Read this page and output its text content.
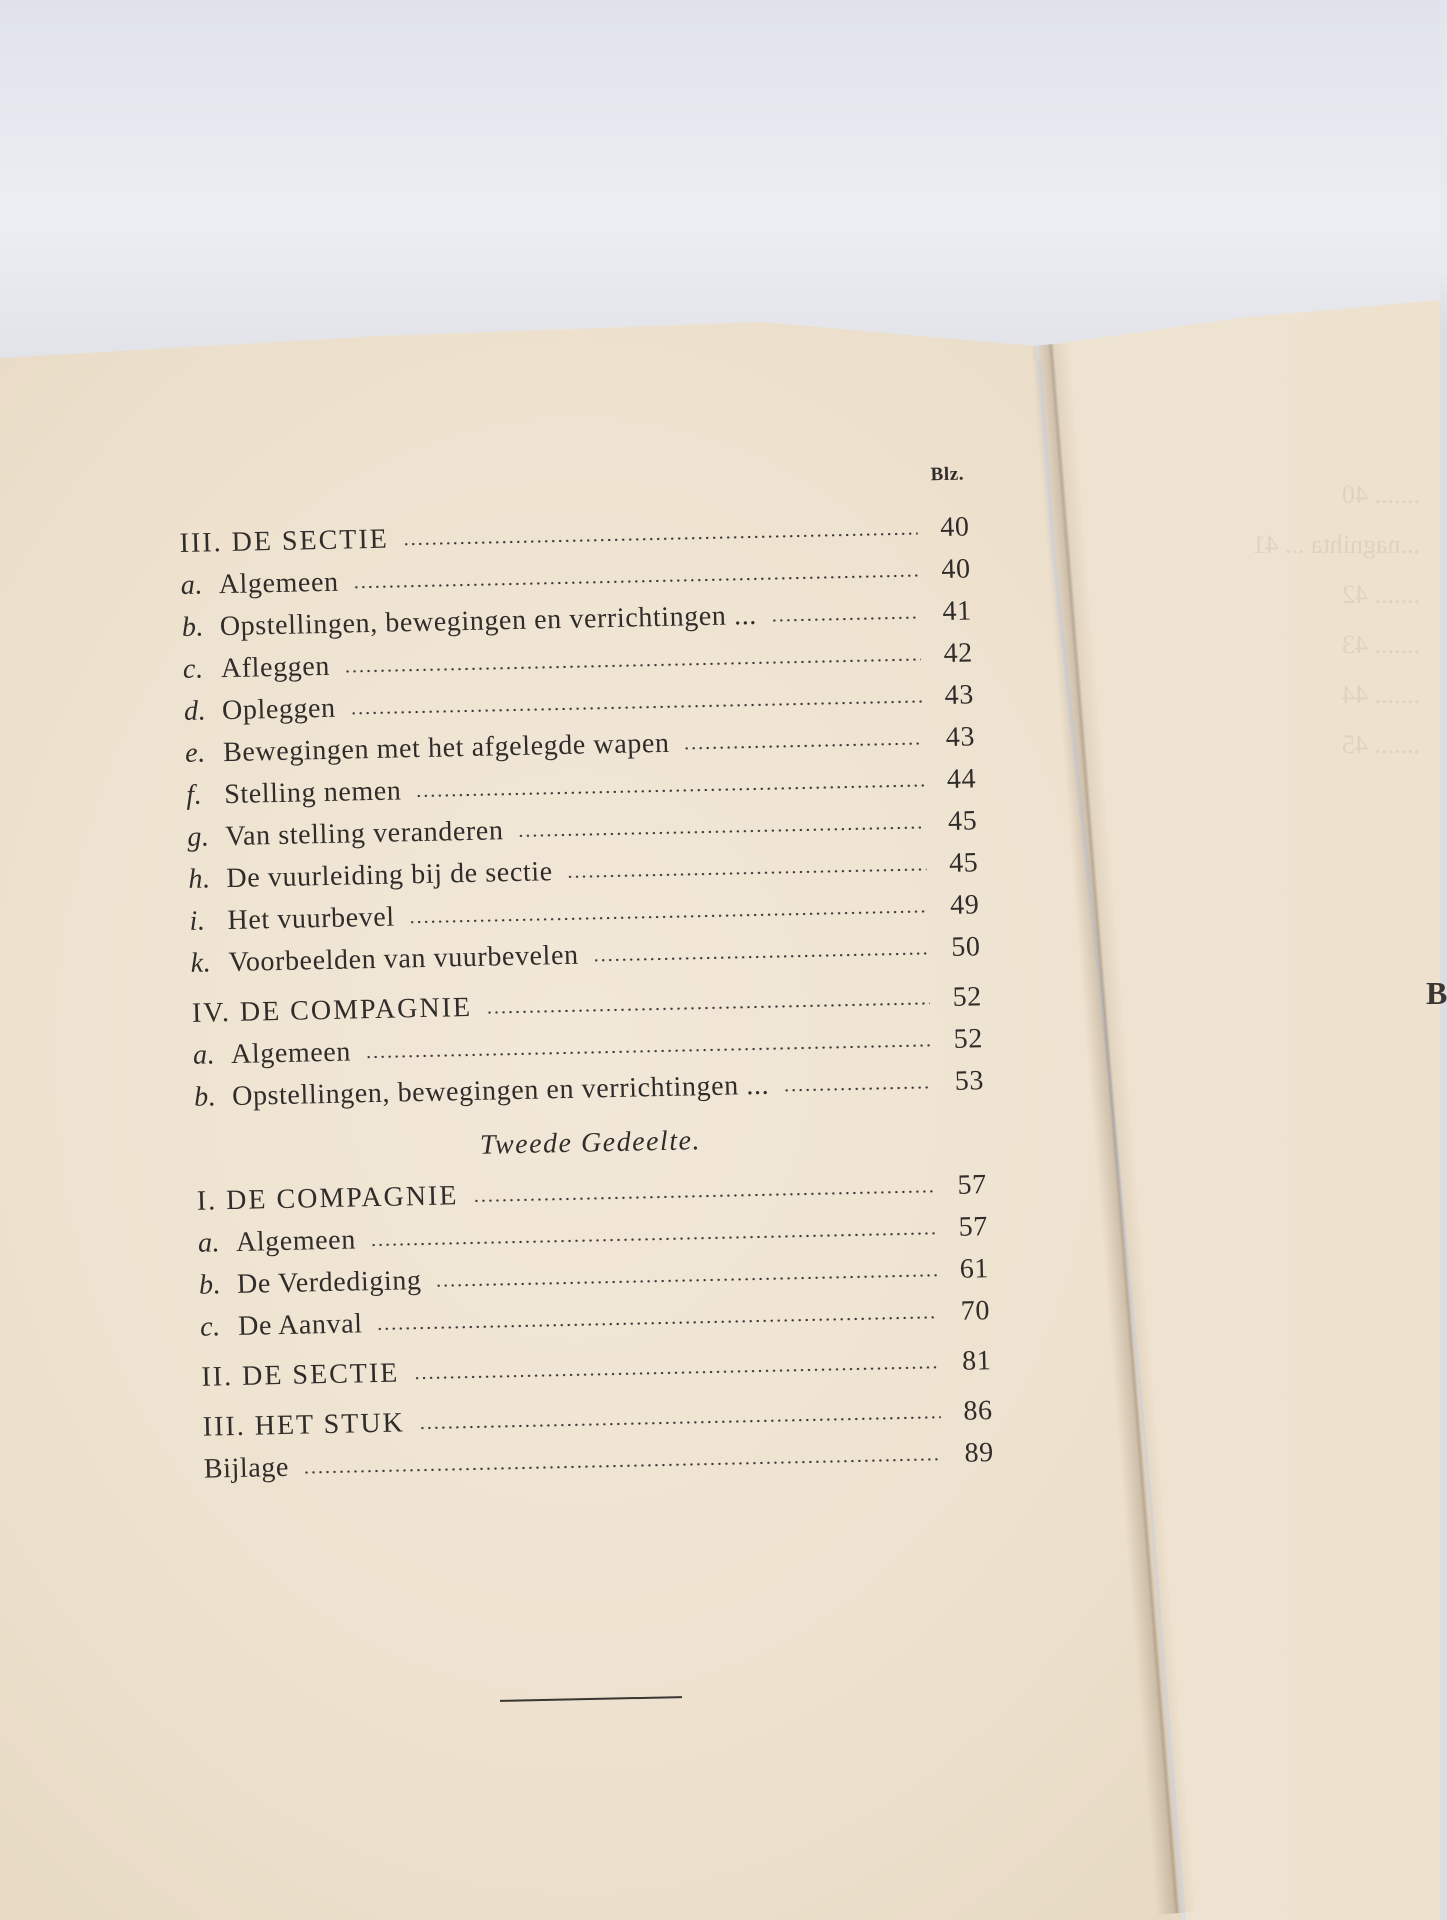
....... 40
...nagnihta ... 41
....... 42
....... 43
....... 44
....... 45
B
Blz.
III. DE SECTIE	40
a. Algemeen	40
b. Opstellingen, bewegingen en verrichtingen ...	41
c. Afleggen	42
d. Opleggen	43
e. Bewegingen met het afgelegde wapen	43
f. Stelling nemen	44
g. Van stelling veranderen	45
h. De vuurleiding bij de sectie	45
i. Het vuurbevel	49
k. Voorbeelden van vuurbevelen	50
IV. DE COMPAGNIE	52
a. Algemeen	52
b. Opstellingen, bewegingen en verrichtingen ...	53
Tweede Gedeelte.
I. DE COMPAGNIE	57
a. Algemeen	57
b. De Verdediging	61
c. De Aanval	70
II. DE SECTIE	81
III. HET STUK	86
Bijlage	89
